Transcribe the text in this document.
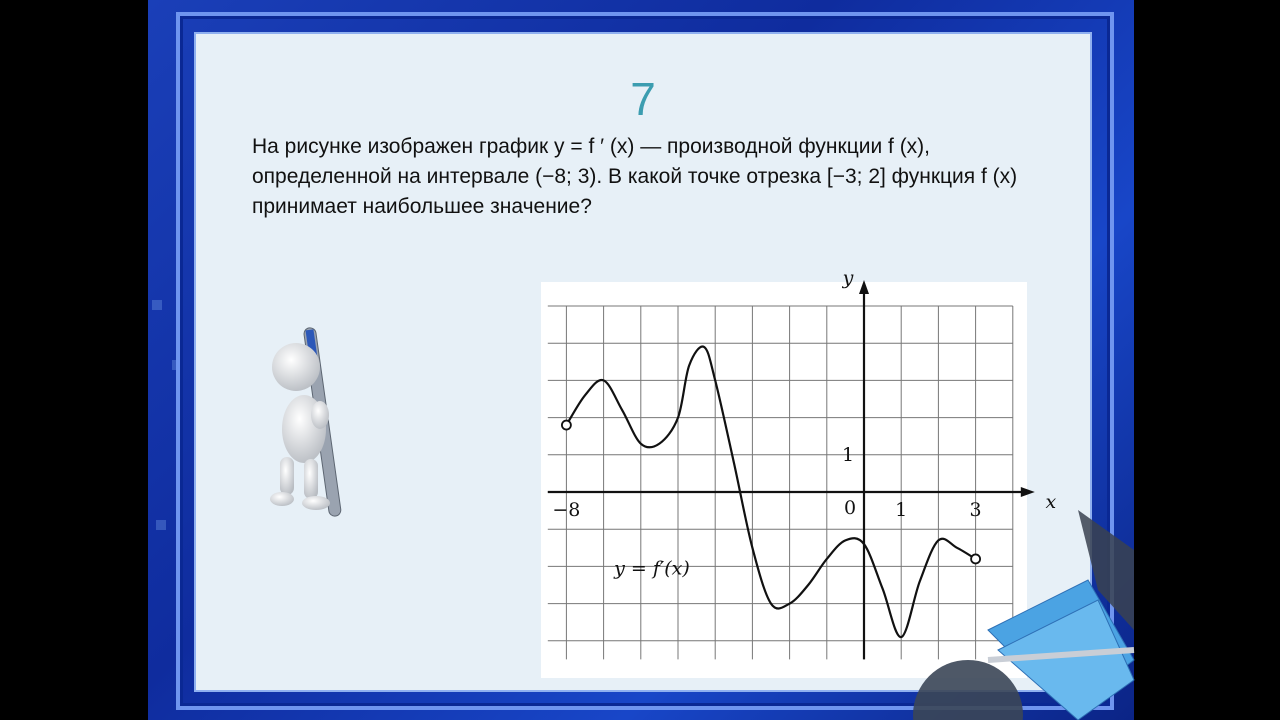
7
На рисунке изображен график y = f ′ (x) — производной функции f (x), определенной на интервале (−8; 3). В какой точке отрезка [−3; 2] функция f (x) принимает наибольшее значение?
x
y
−8	0 1	3
1
y = f′(x)
